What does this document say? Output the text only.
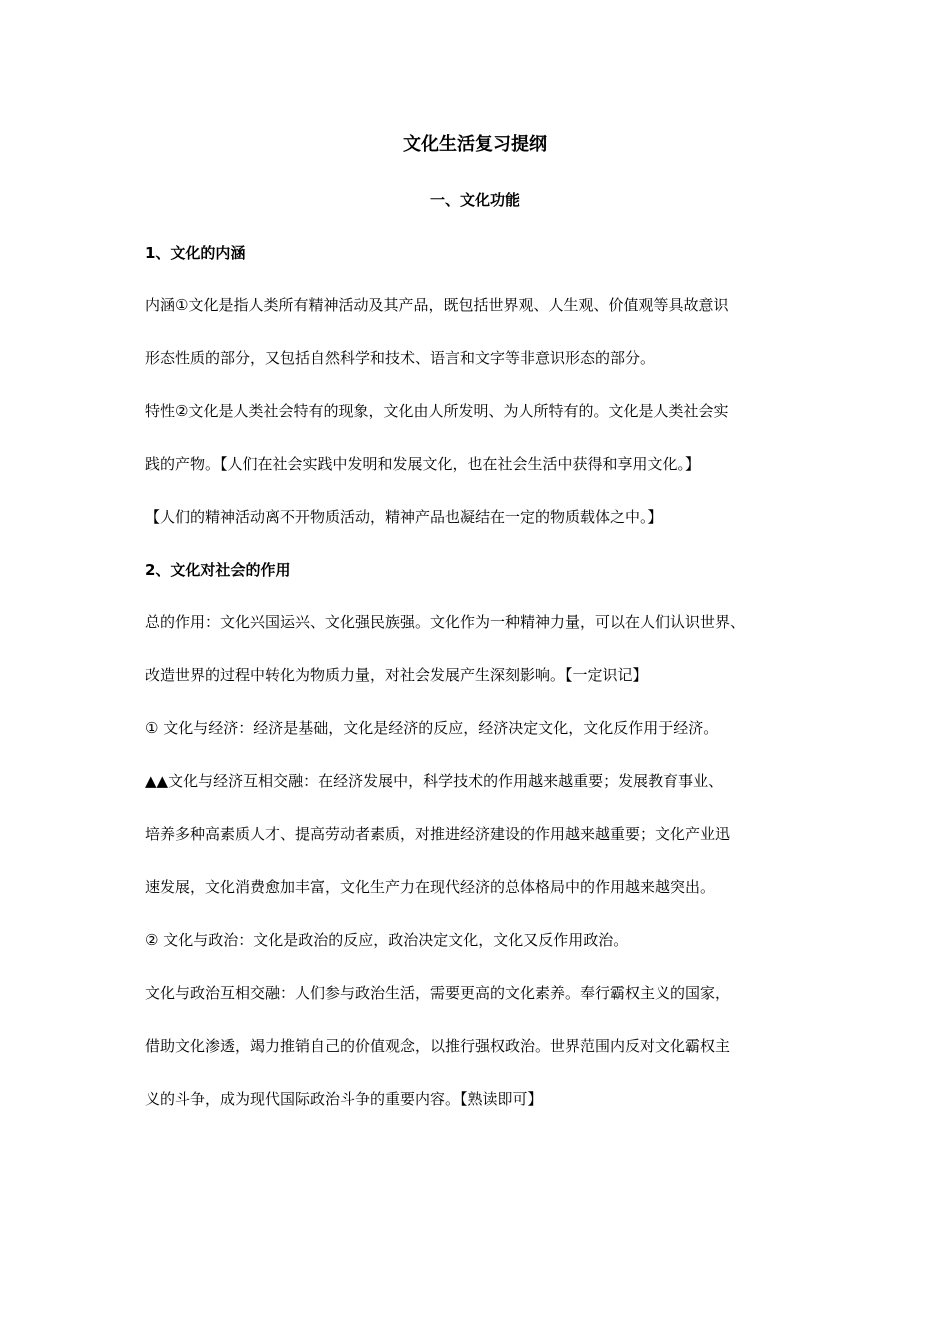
文化生活复习提纲
一、文化功能
1、文化的内涵
内涵①文化是指人类所有精神活动及其产品，既包括世界观、人生观、价值观等具故意识
形态性质的部分，又包括自然科学和技术、语言和文字等非意识形态的部分。
特性②文化是人类社会特有的现象，文化由人所发明、为人所特有的。文化是人类社会实
践的产物。【人们在社会实践中发明和发展文化，也在社会生活中获得和享用文化。】
【人们的精神活动离不开物质活动，精神产品也凝结在一定的物质载体之中。】
2、文化对社会的作用
总的作用：文化兴国运兴、文化强民族强。文化作为一种精神力量，可以在人们认识世界、
改造世界的过程中转化为物质力量，对社会发展产生深刻影响。【一定识记】
① 文化与经济：经济是基础，文化是经济的反应，经济决定文化，文化反作用于经济。
▲▲文化与经济互相交融：在经济发展中，科学技术的作用越来越重要；发展教育事业、
培养多种高素质人才、提高劳动者素质，对推进经济建设的作用越来越重要；文化产业迅
速发展，文化消费愈加丰富，文化生产力在现代经济的总体格局中的作用越来越突出。
② 文化与政治：文化是政治的反应，政治决定文化，文化又反作用政治。
文化与政治互相交融：人们参与政治生活，需要更高的文化素养。奉行霸权主义的国家，
借助文化渗透，竭力推销自己的价值观念，以推行强权政治。世界范围内反对文化霸权主
义的斗争，成为现代国际政治斗争的重要内容。【熟读即可】
